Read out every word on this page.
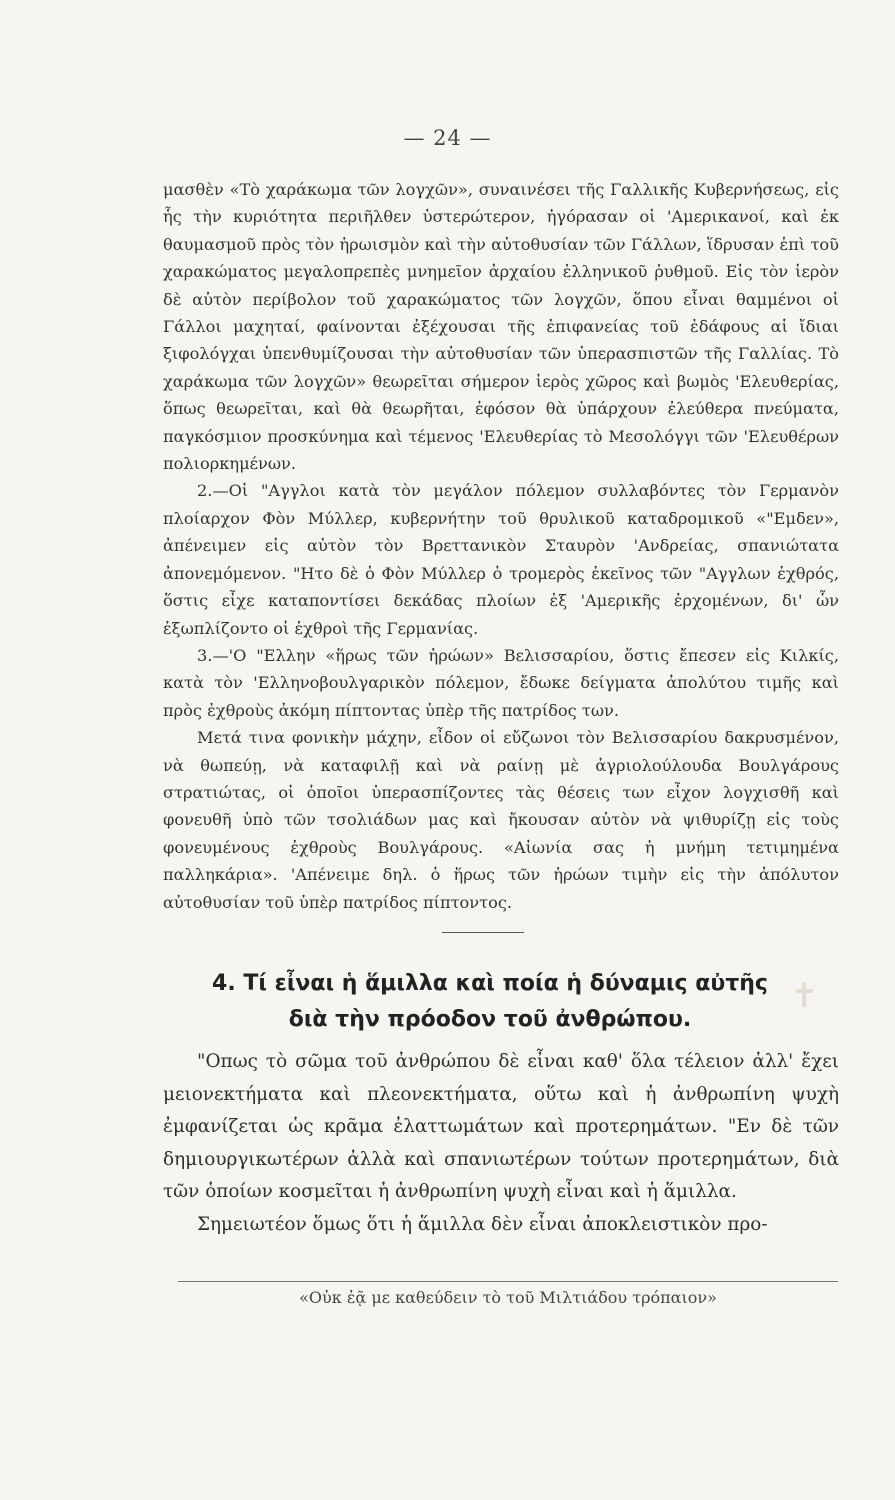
— 24 —

μασθὲν «Τὸ χαράκωμα τῶν λογχῶν», συναινέσει τῆς Γαλλικῆς Κυβερνήσεως, εἰς ἧς τὴν κυριότητα περιῆλθεν ὑστερώτερον, ἠγόρασαν οἱ 'Αμερικανοί, καὶ ἐκ θαυμασμοῦ πρὸς τὸν ἡρωισμὸν καὶ τὴν αὐτοθυσίαν τῶν Γάλλων, ἵδρυσαν ἐπὶ τοῦ χαρακώματος μεγαλοπρεπὲς μνημεῖον ἀρχαίου ἑλληνικοῦ ῥυθμοῦ. Εἰς τὸν ἱερὸν δὲ αὐτὸν περίβολον τοῦ χαρακώματος τῶν λογχῶν, ὅπου εἶναι θαμμένοι οἱ Γάλλοι μαχηταί, φαίνονται ἐξέχουσαι τῆς ἐπιφανείας τοῦ ἐδάφους αἱ ἴδιαι ξιφολόγχαι ὑπενθυμίζουσαι τὴν αὐτοθυσίαν τῶν ὑπερασπιστῶν τῆς Γαλλίας. Τὸ χαράκωμα τῶν λογχῶν» θεωρεῖται σήμερον ἱερὸς χῶρος καὶ βωμὸς 'Ελευθερίας, ὅπως θεωρεῖται, καὶ θὰ θεωρῆται, ἐφόσον θὰ ὑπάρχουν ἐλεύθερα πνεύματα, παγκόσμιον προσκύνημα καὶ τέμενος 'Ελευθερίας τὸ Μεσολόγγι τῶν 'Ελευθέρων πολιορκημένων.

2.—Οἱ "Αγγλοι κατὰ τὸν μεγάλον πόλεμον συλλαβόντες τὸν Γερμανὸν πλοίαρχον Φὸν Μύλλερ, κυβερνήτην τοῦ θρυλικοῦ καταδρομικοῦ «"Εμδεν», ἀπένειμεν εἰς αὐτὸν τὸν Βρεττανικὸν Σταυρὸν 'Ανδρείας, σπανιώτατα ἀπονεμόμενον. "Ητο δὲ ὁ Φὸν Μύλλερ ὁ τρομερὸς ἐκεῖνος τῶν "Αγγλων ἐχθρός, ὅστις εἶχε καταποντίσει δεκάδας πλοίων ἐξ 'Αμερικῆς ἐρχομένων, δι' ὧν ἐξωπλίζοντο οἱ ἐχθροὶ τῆς Γερμανίας.

3.—'Ο "Ελλην «ἥρως τῶν ἡρώων» Βελισσαρίου, ὅστις ἔπεσεν εἰς Κιλκίς, κατὰ τὸν 'Ελληνοβουλγαρικὸν πόλεμον, ἔδωκε δείγματα ἀπολύτου τιμῆς καὶ πρὸς ἐχθροὺς ἀκόμη πίπτοντας ὑπὲρ τῆς πατρίδος των.

Μετά τινα φονικὴν μάχην, εἶδον οἱ εὔζωνοι τὸν Βελισσαρίου δακρυσμένον, νὰ θωπεύῃ, νὰ καταφιλῇ καὶ νὰ ραίνῃ μὲ ἀγριολούλουδα Βουλγάρους στρατιώτας, οἱ ὁποῖοι ὑπερασπίζοντες τὰς θέσεις των εἶχον λογχισθῆ καὶ φονευθῆ ὑπὸ τῶν τσολιάδων μας καὶ ἤκουσαν αὐτὸν νὰ ψιθυρίζῃ εἰς τοὺς φονευμένους ἐχθροὺς Βουλγάρους. «Αἰωνία σας ἡ μνήμη τετιμημένα παλληκάρια». 'Απένειμε δηλ. ὁ ἥρως τῶν ἡρώων τιμὴν εἰς τὴν ἀπόλυτον αὐτοθυσίαν τοῦ ὑπὲρ πατρίδος πίπτοντος.

4. Τί εἶναι ἡ ἅμιλλα καὶ ποία ἡ δύναμις αὐτῆς
διὰ τὴν πρόοδον τοῦ ἀνθρώπου.
✝

"Οπως τὸ σῶμα τοῦ ἀνθρώπου δὲ εἶναι καθ' ὅλα τέλειον ἀλλ' ἔχει μειονεκτήματα καὶ πλεονεκτήματα, οὕτω καὶ ἡ ἀνθρωπίνη ψυχὴ ἐμφανίζεται ὡς κρᾶμα ἐλαττωμάτων καὶ προτερημάτων. "Εν δὲ τῶν δημιουργικωτέρων ἀλλὰ καὶ σπανιωτέρων τούτων προτερημάτων, διὰ τῶν ὁποίων κοσμεῖται ἡ ἀνθρωπίνη ψυχὴ εἶναι καὶ ἡ ἅμιλλα.

Σημειωτέον ὅμως ὅτι ἡ ἅμιλλα δὲν εἶναι ἀποκλειστικὸν προ-

«Οὐκ ἐᾷ με καθεύδειν τὸ τοῦ Μιλτιάδου τρόπαιον»
